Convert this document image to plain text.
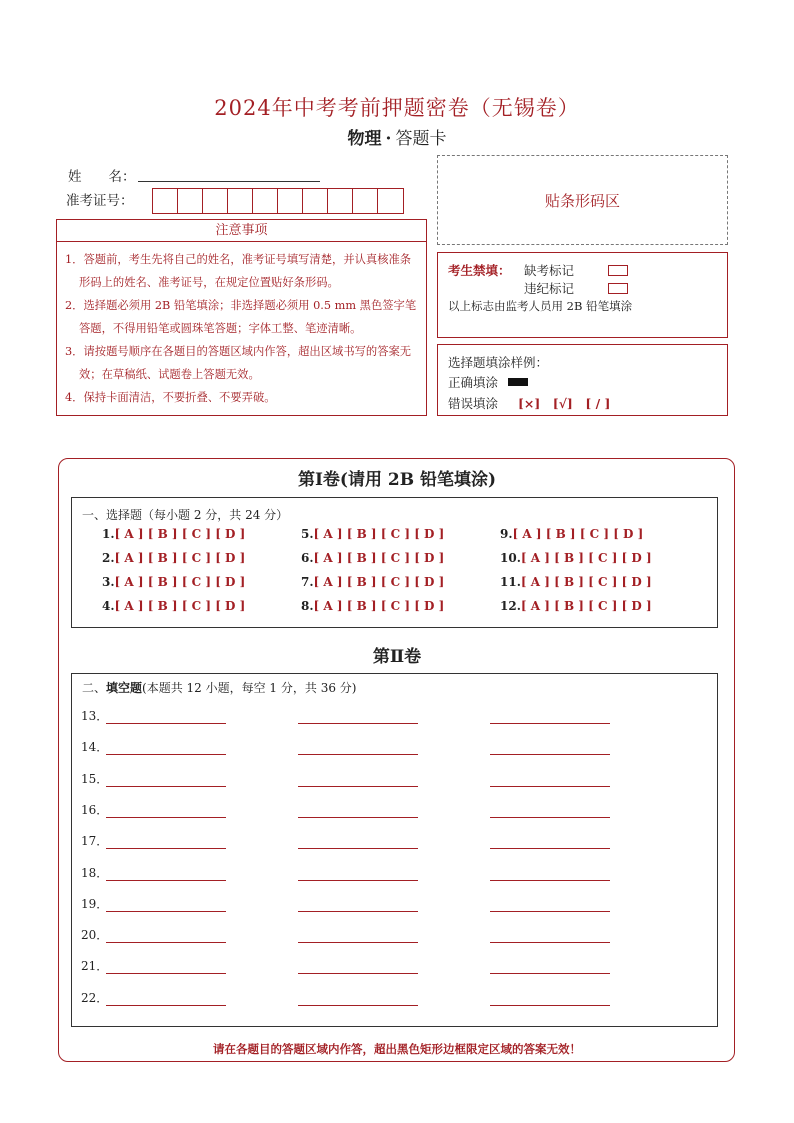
2024年中考考前押题密卷（无锡卷）
物理 · 答题卡
姓　　名：
准考证号：	贴条形码区
注意事项

1．答题前，考生先将自己的姓名，准考证号填写清楚，并认真核准条形码上的姓名、准考证号，在规定位置贴好条形码。

2．选择题必须用 2B 铅笔填涂；非选择题必须用 0.5 mm 黑色签字笔答题，不得用铅笔或圆珠笔答题；字体工整、笔迹清晰。

3．请按题号顺序在各题目的答题区域内作答，超出区域书写的答案无效；在草稿纸、试题卷上答题无效。

4．保持卡面清洁，不要折叠、不要弄破。

考生禁填： 缺考标记
违纪标记
以上标志由监考人员用 2B 铅笔填涂
选择题填涂样例：
正确填涂
错误填涂 [×]　[√]　[ / ]
第Ⅰ卷(请用 2B 铅笔填涂)
一、选择题（每小题 2 分，共 24 分）
1.[ A ] [ B ] [ C ] [ D ]
2.[ A ] [ B ] [ C ] [ D ]
3.[ A ] [ B ] [ C ] [ D ]
4.[ A ] [ B ] [ C ] [ D ]
5.[ A ] [ B ] [ C ] [ D ]
6.[ A ] [ B ] [ C ] [ D ]
7.[ A ] [ B ] [ C ] [ D ]
8.[ A ] [ B ] [ C ] [ D ]
9.[ A ] [ B ] [ C ] [ D ]
10.[ A ] [ B ] [ C ] [ D ]
11.[ A ] [ B ] [ C ] [ D ]
12.[ A ] [ B ] [ C ] [ D ]
第Ⅱ卷
二、填空题(本题共 12 小题，每空 1 分，共 36 分)
13．
14．
15．
16．
17．
18．
19．
20．
21．
22．
请在各题目的答题区域内作答，超出黑色矩形边框限定区域的答案无效！
